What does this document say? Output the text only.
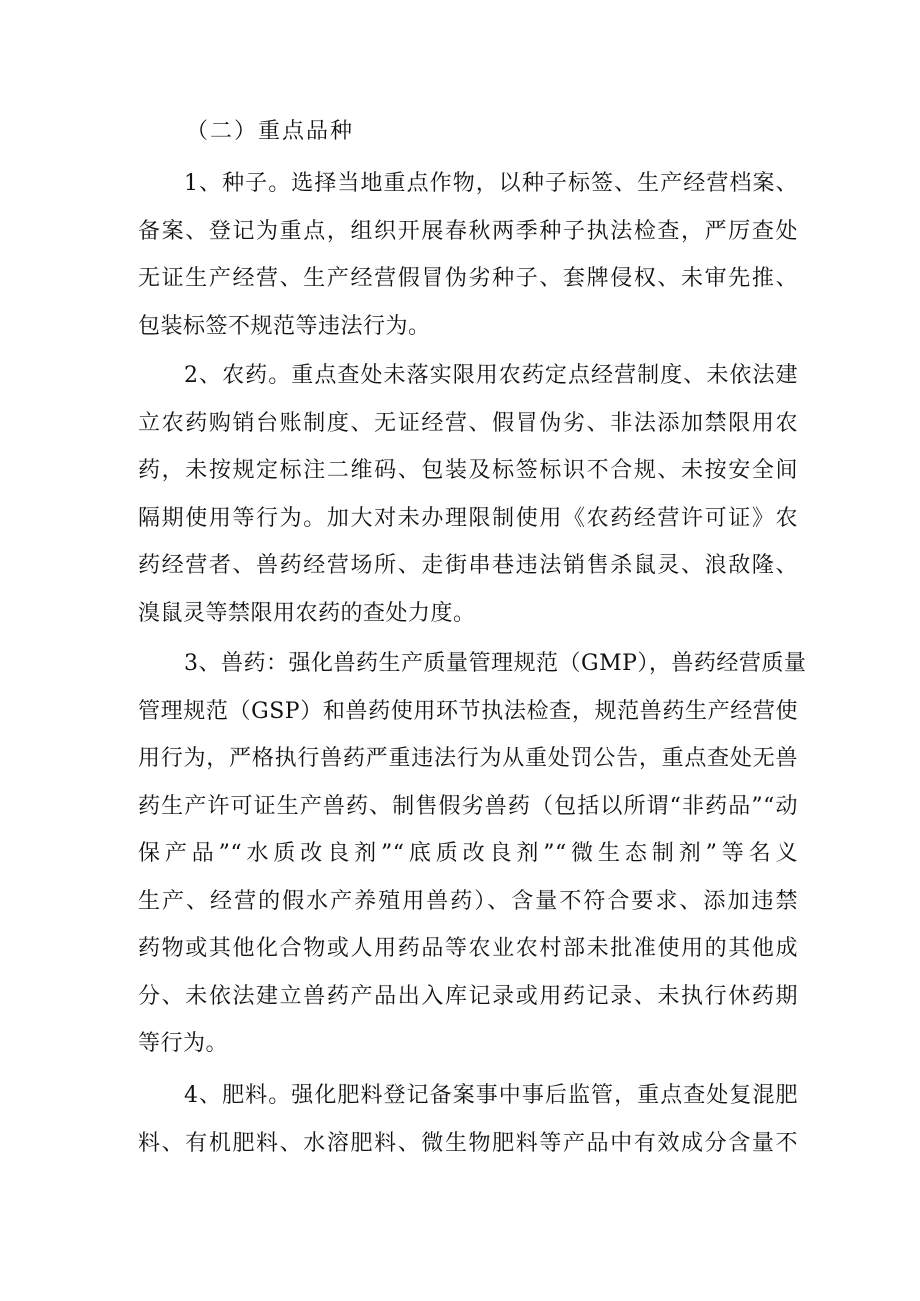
（二）重点品种
1、种子。选择当地重点作物，以种子标签、生产经营档案、
备案、登记为重点，组织开展春秋两季种子执法检查，严厉查处
无证生产经营、生产经营假冒伪劣种子、套牌侵权、未审先推、
包装标签不规范等违法行为。
2、农药。重点查处未落实限用农药定点经营制度、未依法建
立农药购销台账制度、无证经营、假冒伪劣、非法添加禁限用农
药，未按规定标注二维码、包装及标签标识不合规、未按安全间
隔期使用等行为。加大对未办理限制使用《农药经营许可证》农
药经营者、兽药经营场所、走街串巷违法销售杀鼠灵、浪敌隆、
溴鼠灵等禁限用农药的查处力度。
3、兽药：强化兽药生产质量管理规范（GMP），兽药经营质量
管理规范（GSP）和兽药使用环节执法检查，规范兽药生产经营使
用行为，严格执行兽药严重违法行为从重处罚公告，重点查处无兽
药生产许可证生产兽药、制售假劣兽药（包括以所谓“非药品”“动
保产品”“水质改良剂”“底质改良剂”“微生态制剂”等名义
生产、经营的假水产养殖用兽药）、含量不符合要求、添加违禁
药物或其他化合物或人用药品等农业农村部未批准使用的其他成
分、未依法建立兽药产品出入库记录或用药记录、未执行休药期
等行为。
4、肥料。强化肥料登记备案事中事后监管，重点查处复混肥
料、有机肥料、水溶肥料、微生物肥料等产品中有效成分含量不
